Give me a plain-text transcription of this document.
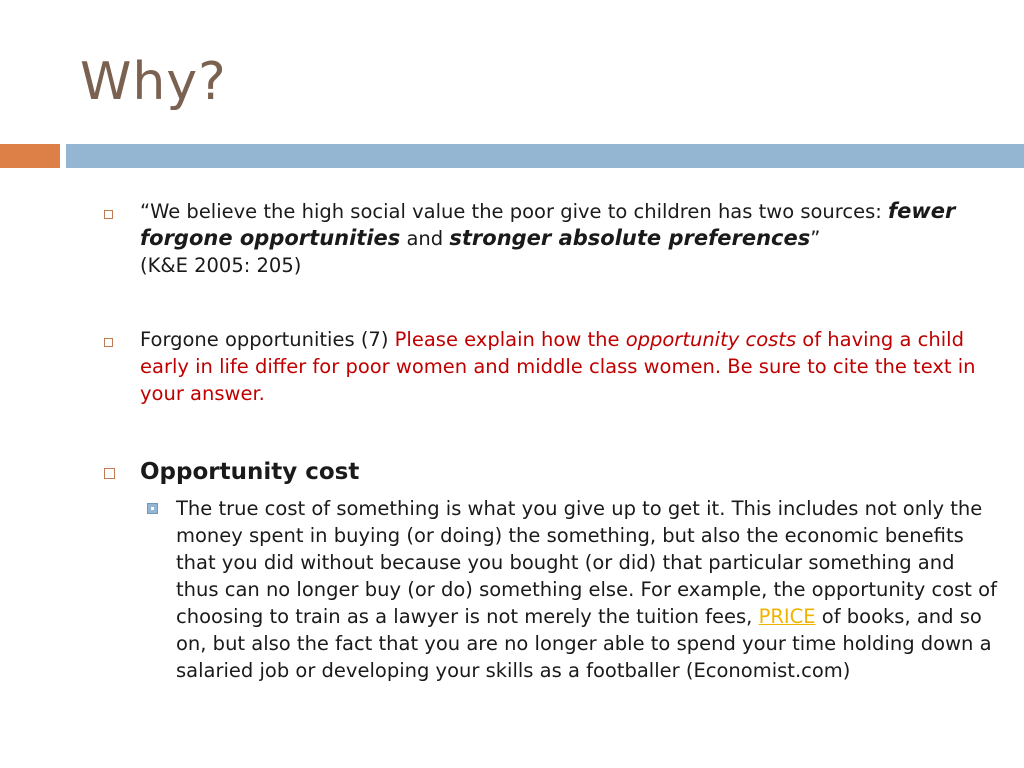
Why?
“We believe the high social value the poor give to children has two sources: fewer forgone opportunities and stronger absolute preferences”
(K&E 2005: 205)
Forgone opportunities (7) Please explain how the opportunity costs of having a child early in life differ for poor women and middle class women. Be sure to cite the text in your answer.
Opportunity cost
The true cost of something is what you give up to get it. This includes not only the money spent in buying (or doing) the something, but also the economic benefits that you did without because you bought (or did) that particular something and thus can no longer buy (or do) something else. For example, the opportunity cost of choosing to train as a lawyer is not merely the tuition fees, PRICE of books, and so on, but also the fact that you are no longer able to spend your time holding down a salaried job or developing your skills as a footballer (Economist.com)
